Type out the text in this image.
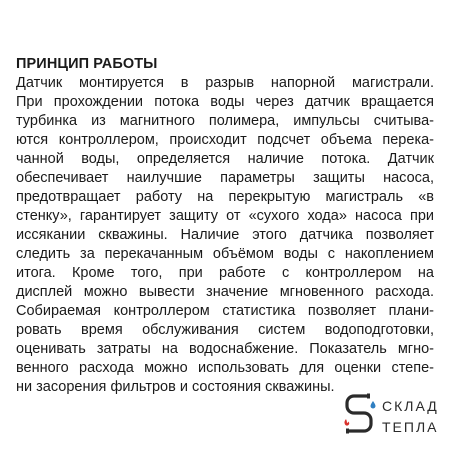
ПРИНЦИП РАБОТЫ
Датчик монтируется в разрыв напорной магистрали.
При прохождении потока воды через датчик вращается
турбинка из магнитного полимера, импульсы считыва-
ются контроллером, происходит подсчет объема перека-
чанной воды, определяется наличие потока. Датчик
обеспечивает наилучшие параметры защиты насоса,
предотвращает работу на перекрытую магистраль «в
стенку», гарантирует защиту от «сухого хода» насоса при
иссякании скважины. Наличие этого датчика позволяет
следить за перекачанным объёмом воды с накоплением
итога. Кроме того, при работе с контроллером на
дисплей можно вывести значение мгновенного расхода.
Собираемая контроллером статистика позволяет плани-
ровать время обслуживания систем водоподготовки,
оценивать затраты на водоснабжение. Показатель мгно-
венного расхода можно использовать для оценки степе-
ни засорения фильтров и состояния скважины.
СКЛАД
ТЕПЛА
